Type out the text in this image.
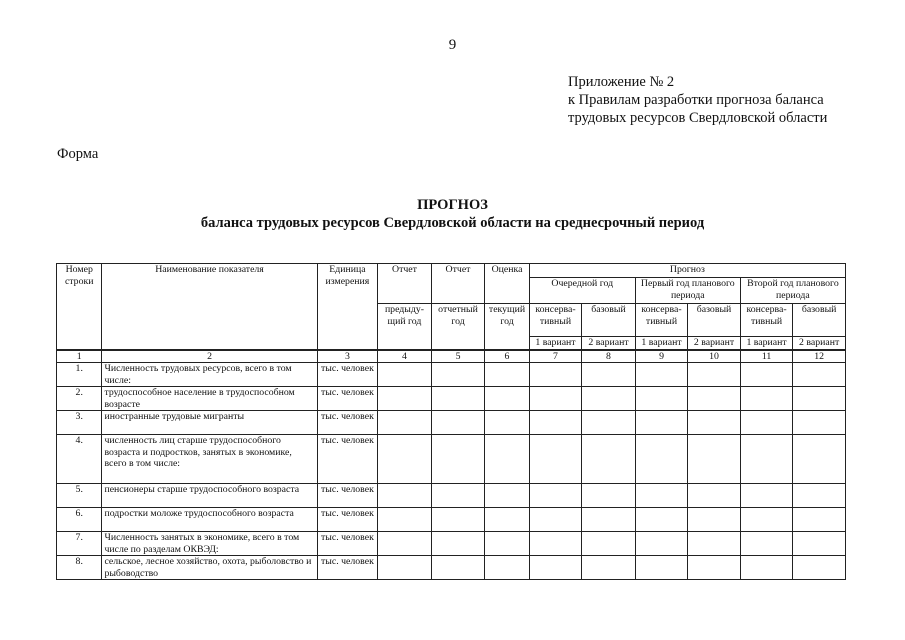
9
Приложение № 2
к Правилам разработки прогноза баланса
трудовых ресурсов Свердловской области
Форма
ПРОГНОЗ
баланса трудовых ресурсов Свердловской области на среднесрочный период
Номер строки	Наименование показателя	Единица измерения	Отчет	Отчет	Оценка	Прогноз					
						Очередной год		Первый год планового периода		Второй год планового периода	
			предыду-щий год	отчетный год	текущий год	консерва-тивный	базовый	консерва-тивный	базовый	консерва-тивный	базовый
						1 вариант	2 вариант	1 вариант	2 вариант	1 вариант	2 вариант
1	2	3	4	5	6	7	8	9	10	11	12
1.	Численность трудовых ресурсов, всего в том числе:	тыс. человек									
2.	трудоспособное население в трудоспособном возрасте	тыс. человек									
3.	иностранные трудовые мигранты	тыс. человек									
4.	численность лиц старше трудоспособного возраста и подростков, занятых в экономике, всего в том числе:	тыс. человек									
5.	пенсионеры старше трудоспособного возраста	тыс. человек									
6.	подростки моложе трудоспособного возраста	тыс. человек									
7.	Численность занятых в экономике, всего в том числе по разделам ОКВЭД:	тыс. человек									
8.	сельское, лесное хозяйство, охота, рыболовство и рыбоводство	тыс. человек									
